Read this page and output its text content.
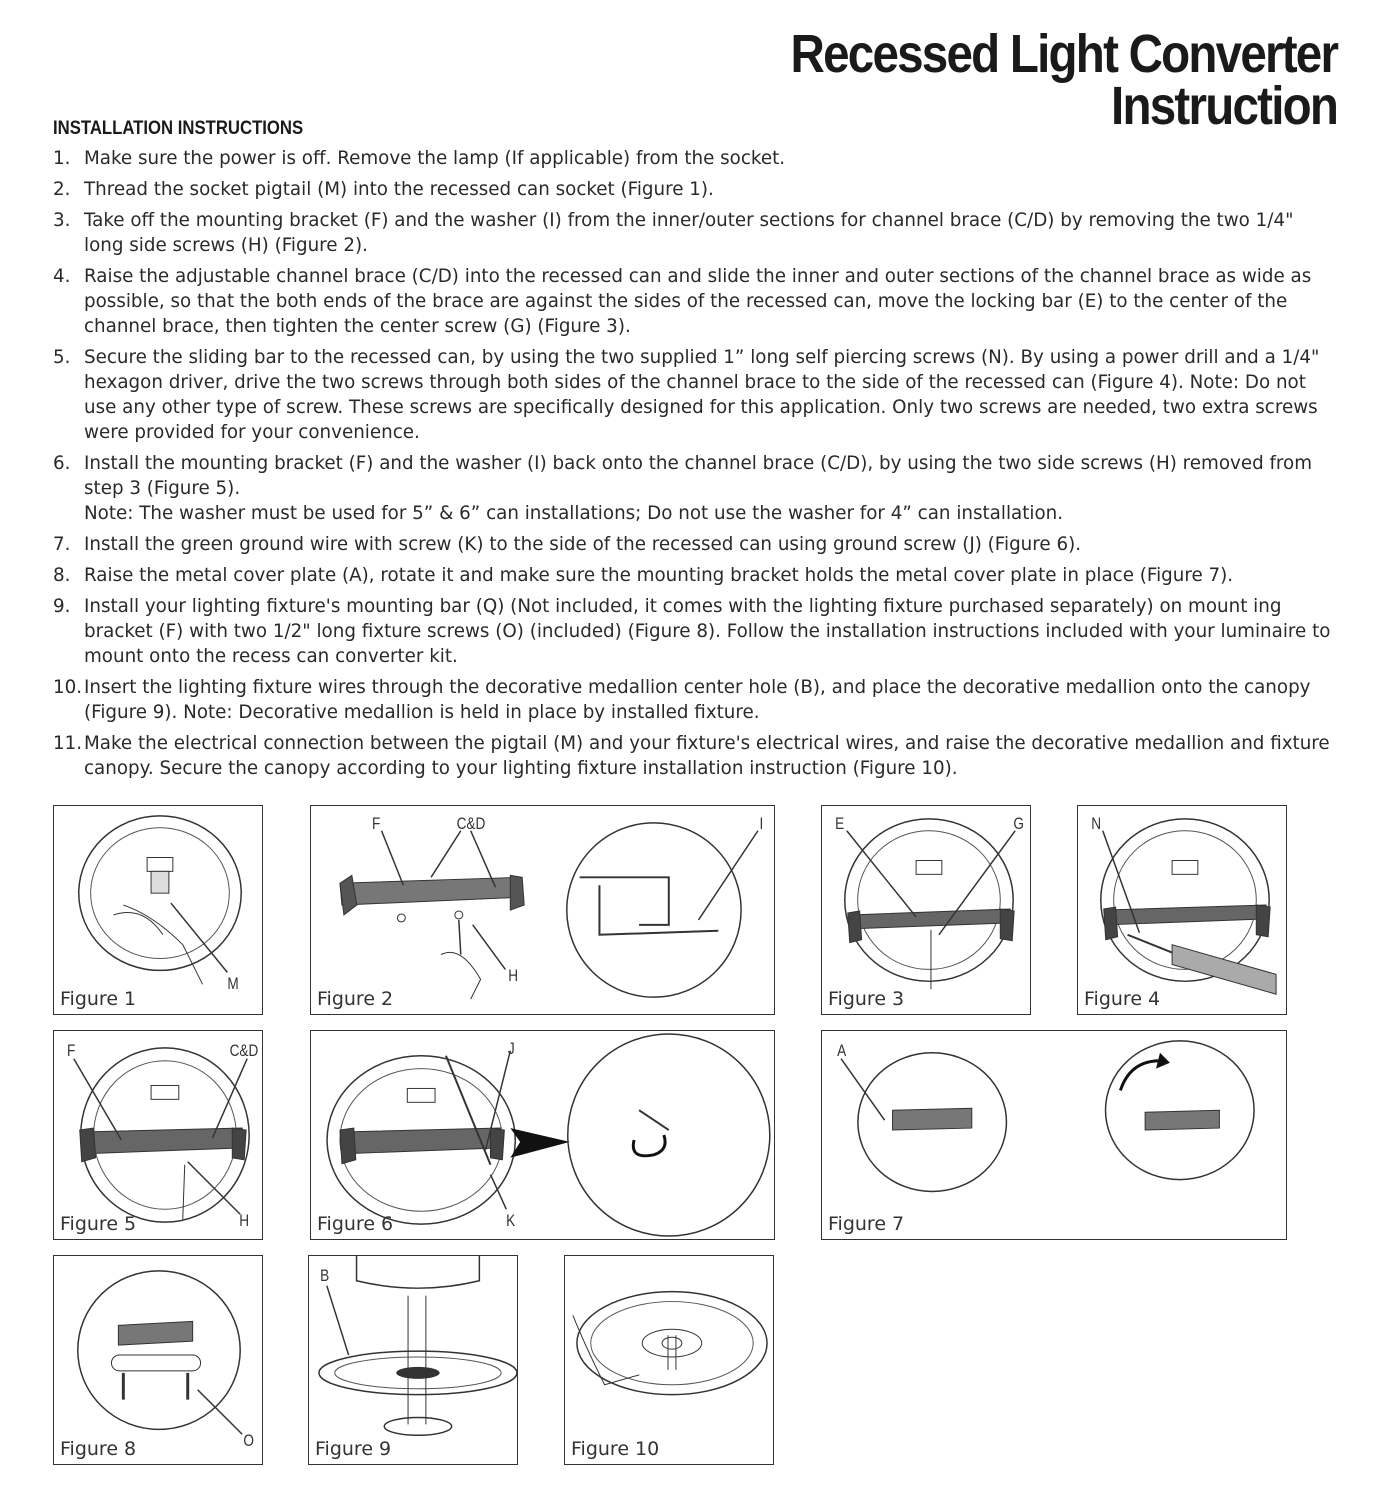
Recessed Light Converter
Instruction
INSTALLATION INSTRUCTIONS
1. Make sure the power is off. Remove the lamp (If applicable) from the socket.
2. Thread the socket pigtail (M) into the recessed can socket (Figure 1).
3. Take off the mounting bracket (F) and the washer (I) from the inner/outer sections for channel brace (C/D) by removing the two 1/4" long side screws (H) (Figure 2).
4. Raise the adjustable channel brace (C/D) into the recessed can and slide the inner and outer sections of the channel brace as wide as possible, so that the both ends of the brace are against the sides of the recessed can, move the locking bar (E) to the center of the channel brace, then tighten the center screw (G) (Figure 3).
5. Secure the sliding bar to the recessed can, by using the two supplied 1” long self piercing screws (N). By using a power drill and a 1/4" hexagon driver, drive the two screws through both sides of the channel brace to the side of the recessed can (Figure 4). Note: Do not use any other type of screw. These screws are specifically designed for this application. Only two screws are needed, two extra screws were provided for your convenience.
6. Install the mounting bracket (F) and the washer (I) back onto the channel brace (C/D), by using the two side screws (H) removed from step 3 (Figure 5).
Note: The washer must be used for 5” & 6” can installations; Do not use the washer for 4” can installation.
7. Install the green ground wire with screw (K) to the side of the recessed can using ground screw (J) (Figure 6).
8. Raise the metal cover plate (A), rotate it and make sure the mounting bracket holds the metal cover plate in place (Figure 7).
9. Install your lighting fixture's mounting bar (Q) (Not included, it comes with the lighting fixture purchased separately) on mount ing bracket (F) with two 1/2" long fixture screws (O) (included) (Figure 8). Follow the installation instructions included with your luminaire to mount onto the recess can converter kit.
10. Insert the lighting fixture wires through the decorative medallion center hole (B), and place the decorative medallion onto the canopy (Figure 9). Note: Decorative medallion is held in place by installed fixture.
11. Make the electrical connection between the pigtail (M) and your fixture's electrical wires, and raise the decorative medallion and fixture canopy. Secure the canopy according to your lighting fixture installation instruction (Figure 10).
M
Figure 1
F	C&D
H
I
Figure 2
E	G
Figure 3
N
Figure 4
F	C&D
H
Figure 5
J
K
Figure 6
A
Figure 7
O
Figure 8
B
Figure 9	Figure 10
